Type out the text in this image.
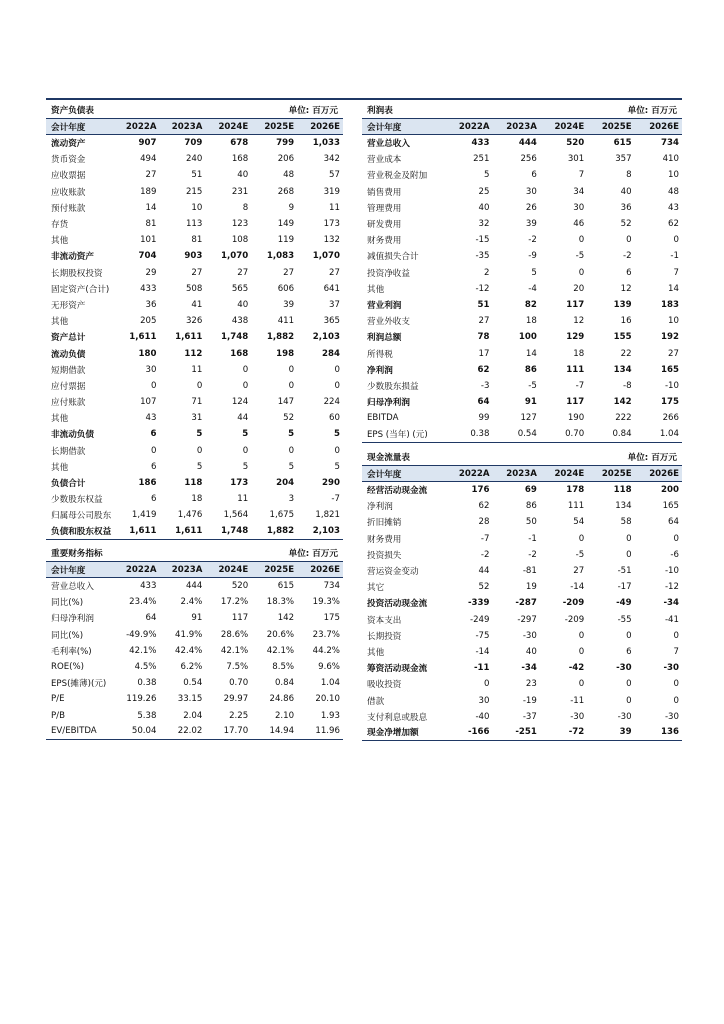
资产负债表	单位: 百万元
会计年度	2022A	2023A	2024E	2025E	2026E
流动资产	907	709	678	799	1,033
货币资金	494	240	168	206	342
应收票据	27	51	40	48	57
应收账款	189	215	231	268	319
预付账款	14	10	8	9	11
存货	81	113	123	149	173
其他	101	81	108	119	132
非流动资产	704	903	1,070	1,083	1,070
长期股权投资	29	27	27	27	27
固定资产(合计)	433	508	565	606	641
无形资产	36	41	40	39	37
其他	205	326	438	411	365
资产总计	1,611	1,611	1,748	1,882	2,103
流动负债	180	112	168	198	284
短期借款	30	11	0	0	0
应付票据	0	0	0	0	0
应付账款	107	71	124	147	224
其他	43	31	44	52	60
非流动负债	6	5	5	5	5
长期借款	0	0	0	0	0
其他	6	5	5	5	5
负债合计	186	118	173	204	290
少数股东权益	6	18	11	3	-7
归属母公司股东	1,419	1,476	1,564	1,675	1,821
负债和股东权益	1,611	1,611	1,748	1,882	2,103
利润表	单位: 百万元
会计年度	2022A	2023A	2024E	2025E	2026E
营业总收入	433	444	520	615	734
营业成本	251	256	301	357	410
营业税金及附加	5	6	7	8	10
销售费用	25	30	34	40	48
管理费用	40	26	30	36	43
研发费用	32	39	46	52	62
财务费用	-15	-2	0	0	0
减值损失合计	-35	-9	-5	-2	-1
投资净收益	2	5	0	6	7
其他	-12	-4	20	12	14
营业利润	51	82	117	139	183
营业外收支	27	18	12	16	10
利润总额	78	100	129	155	192
所得税	17	14	18	22	27
净利润	62	86	111	134	165
少数股东损益	-3	-5	-7	-8	-10
归母净利润	64	91	117	142	175
EBITDA	99	127	190	222	266
EPS (当年) (元)	0.38	0.54	0.70	0.84	1.04
现金流量表	单位: 百万元
会计年度	2022A	2023A	2024E	2025E	2026E
经营活动现金流	176	69	178	118	200
净利润	62	86	111	134	165
折旧摊销	28	50	54	58	64
财务费用	-7	-1	0	0	0
投资损失	-2	-2	-5	0	-6
营运资金变动	44	-81	27	-51	-10
其它	52	19	-14	-17	-12
投资活动现金流	-339	-287	-209	-49	-34
资本支出	-249	-297	-209	-55	-41
长期投资	-75	-30	0	0	0
其他	-14	40	0	6	7
筹资活动现金流	-11	-34	-42	-30	-30
吸收投资	0	23	0	0	0
借款	30	-19	-11	0	0
支付利息或股息	-40	-37	-30	-30	-30
现金净增加额	-166	-251	-72	39	136
重要财务指标	单位: 百万元
会计年度	2022A	2023A	2024E	2025E	2026E
营业总收入	433	444	520	615	734
同比(%)	23.4%	2.4%	17.2%	18.3%	19.3%
归母净利润	64	91	117	142	175
同比(%)	-49.9%	41.9%	28.6%	20.6%	23.7%
毛利率(%)	42.1%	42.4%	42.1%	42.1%	44.2%
ROE(%)	4.5%	6.2%	7.5%	8.5%	9.6%
EPS(摊薄)(元)	0.38	0.54	0.70	0.84	1.04
P/E	119.26	33.15	29.97	24.86	20.10
P/B	5.38	2.04	2.25	2.10	1.93
EV/EBITDA	50.04	22.02	17.70	14.94	11.96
